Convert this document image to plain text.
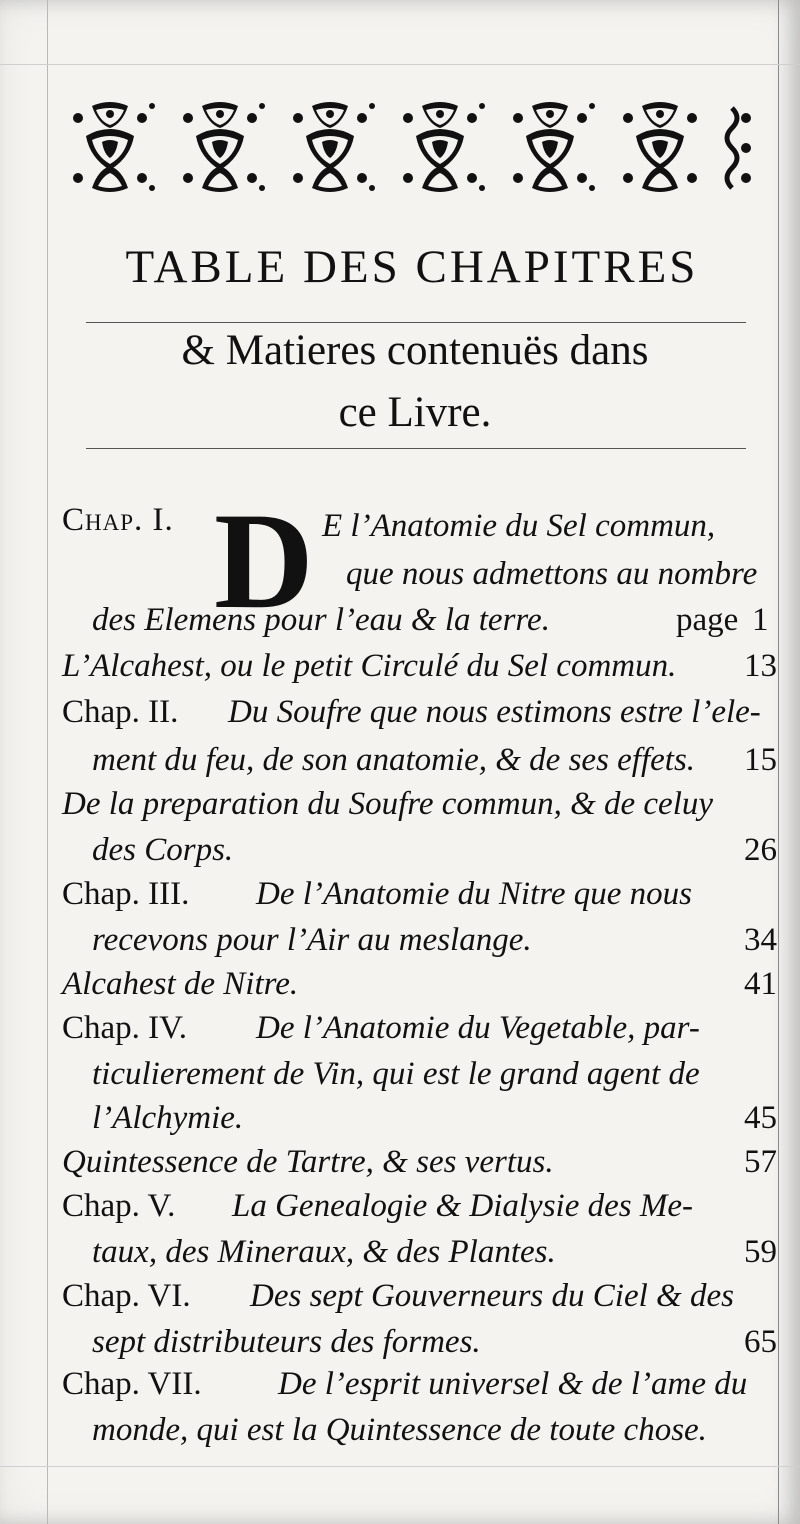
TABLE DES CHAPITRES
& Matieres contenuës dans
ce Livre.
Chap. I. D E l’Anatomie du Sel commun,
que nous admettons au nombre
des Elemens pour l’eau & la terre.	page 1
L’Alcahest, ou le petit Circulé du Sel commun. 13
Chap. II. Du Soufre que nous estimons estre l’ele-
ment du feu, de son anatomie, & de ses effets. 15
De la preparation du Soufre commun, & de celuy
des Corps.	26
Chap. III. De l’Anatomie du Nitre que nous
recevons pour l’Air au meslange.	34
Alcahest de Nitre.	41
Chap. IV. De l’Anatomie du Vegetable, par-
ticulierement de Vin, qui est le grand agent de
l’Alchymie.	45
Quintessence de Tartre, & ses vertus.	57
Chap. V. La Genealogie & Dialysie des Me-
taux, des Mineraux, & des Plantes.	59
Chap. VI. Des sept Gouverneurs du Ciel & des
sept distributeurs des formes.	65
Chap. VII. De l’esprit universel & de l’ame du
monde, qui est la Quintessence de toute chose.
